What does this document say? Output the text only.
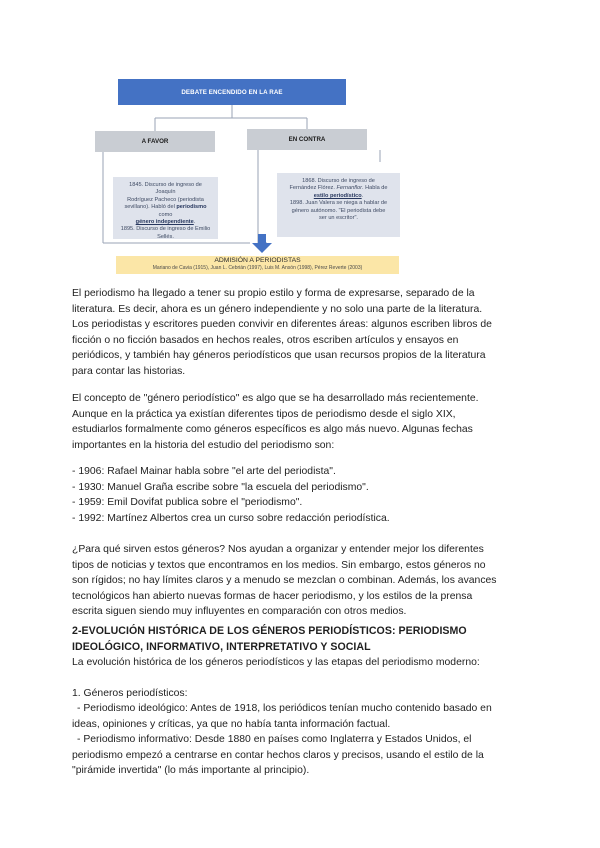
DEBATE ENCENDIDO EN LA RAE
A FAVOR	EN CONTRA

1845. Discurso de ingreso de Joaquín

Rodríguez Pacheco (periodista

sevillano). Habló del periodismo como

género independiente.

1895. Discurso de ingreso de Emilio

Sellés.

1868. Discurso de ingreso de

Fernández Flórez. Fernanflor. Habla de

estilo periodístico.

1898. Juan Valera se niega a hablar de

género autónomo. "El periodista debe

ser un escritor".

ADMISIÓN A PERIODISTAS
Mariano de Cavia (1915), Juan L. Cebrián (1997), Luis M. Ansón (1998), Pérez Reverte (2003)
El periodismo ha llegado a tener su propio estilo y forma de expresarse, separado de la
literatura. Es decir, ahora es un género independiente y no solo una parte de la literatura.
Los periodistas y escritores pueden convivir en diferentes áreas: algunos escriben libros de
ficción o no ficción basados en hechos reales, otros escriben artículos y ensayos en
periódicos, y también hay géneros periodísticos que usan recursos propios de la literatura
para contar las historias.
El concepto de "género periodístico" es algo que se ha desarrollado más recientemente.
Aunque en la práctica ya existían diferentes tipos de periodismo desde el siglo XIX,
estudiarlos formalmente como géneros específicos es algo más nuevo. Algunas fechas
importantes en la historia del estudio del periodismo son:
- 1906: Rafael Mainar habla sobre "el arte del periodista".
- 1930: Manuel Graña escribe sobre "la escuela del periodismo".
- 1959: Emil Dovifat publica sobre el "periodismo".
- 1992: Martínez Albertos crea un curso sobre redacción periodística.
¿Para qué sirven estos géneros? Nos ayudan a organizar y entender mejor los diferentes
tipos de noticias y textos que encontramos en los medios. Sin embargo, estos géneros no
son rígidos; no hay límites claros y a menudo se mezclan o combinan. Además, los avances
tecnológicos han abierto nuevas formas de hacer periodismo, y los estilos de la prensa
escrita siguen siendo muy influyentes en comparación con otros medios.
2-EVOLUCIÓN HISTÓRICA DE LOS GÉNEROS PERIODÍSTICOS: PERIODISMO
IDEOLÓGICO, INFORMATIVO, INTERPRETATIVO Y SOCIAL
La evolución histórica de los géneros periodísticos y las etapas del periodismo moderno:
1. Géneros periodísticos:
- Periodismo ideológico: Antes de 1918, los periódicos tenían mucho contenido basado en
ideas, opiniones y críticas, ya que no había tanta información factual.
- Periodismo informativo: Desde 1880 en países como Inglaterra y Estados Unidos, el
periodismo empezó a centrarse en contar hechos claros y precisos, usando el estilo de la
"pirámide invertida" (lo más importante al principio).
